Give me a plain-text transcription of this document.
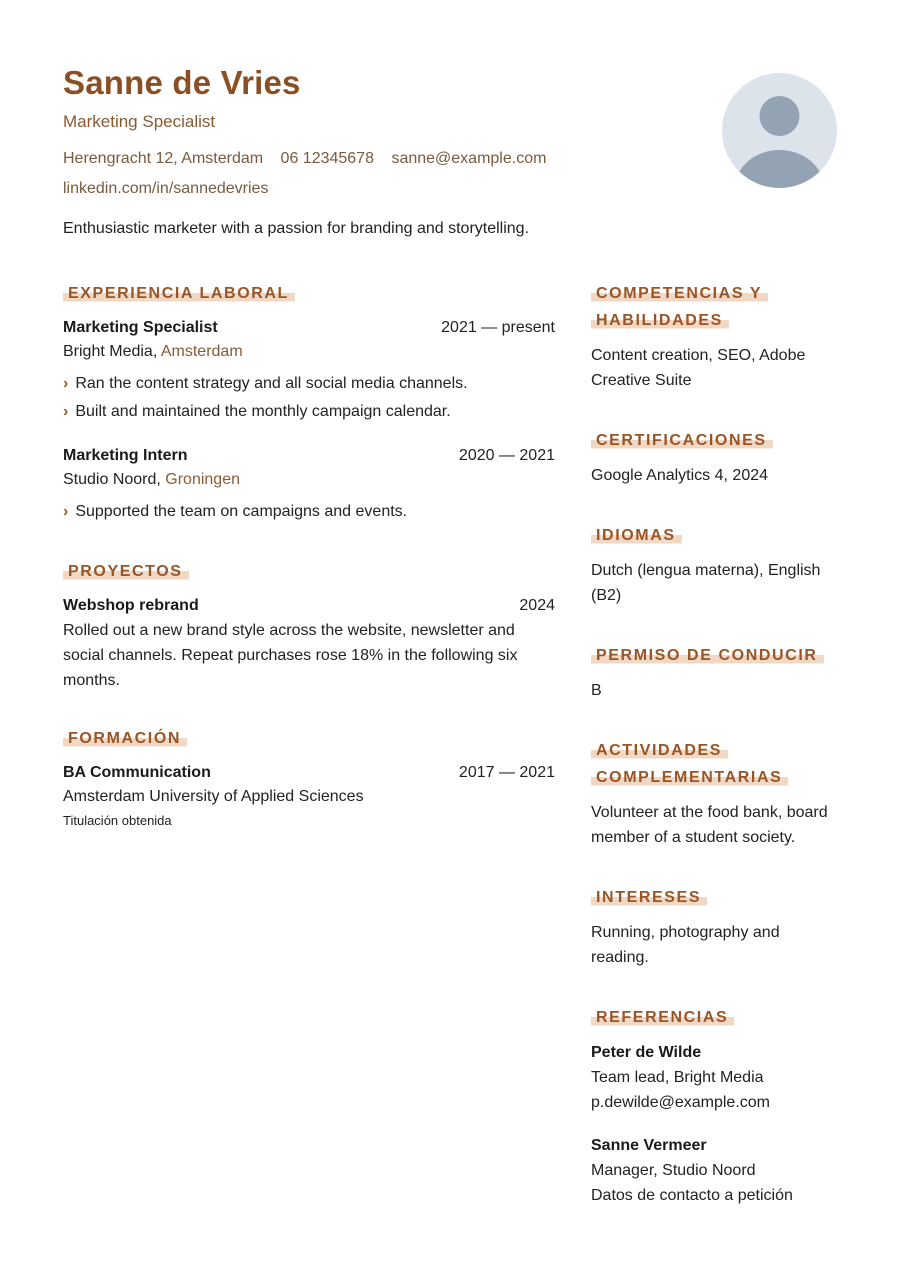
Sanne de Vries
Marketing Specialist
Herengracht 12, Amsterdam 06 12345678 sanne@example.com
linkedin.com/in/sannedevries
Enthusiastic marketer with a passion for branding and storytelling.
EXPERIENCIA LABORAL
Marketing Specialist	2021 — present
Bright Media, Amsterdam
› Ran the content strategy and all social media channels.
› Built and maintained the monthly campaign calendar.
Marketing Intern	2020 — 2021
Studio Noord, Groningen
› Supported the team on campaigns and events.
PROYECTOS
Webshop rebrand	2024
Rolled out a new brand style across the website, newsletter and social channels. Repeat purchases rose 18% in the following six months.
FORMACIÓN
BA Communication	2017 — 2021
Amsterdam University of Applied Sciences
Titulación obtenida
COMPETENCIAS Y HABILIDADES
Content creation, SEO, Adobe Creative Suite
CERTIFICACIONES
Google Analytics 4, 2024
IDIOMAS
Dutch (lengua materna), English (B2)
PERMISO DE CONDUCIR
B
ACTIVIDADES COMPLEMENTARIAS
Volunteer at the food bank, board member of a student society.
INTERESES
Running, photography and reading.
REFERENCIAS
Peter de Wilde
Team lead, Bright Media
p.dewilde@example.com
Sanne Vermeer
Manager, Studio Noord
Datos de contacto a petición
